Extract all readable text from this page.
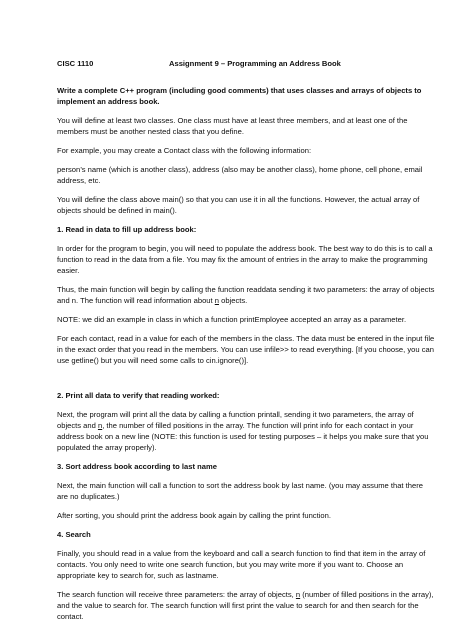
CISC 1110	Assignment 9 – Programming an Address Book

Write a complete C++ program (including good comments) that uses classes and arrays of objects to implement an address book.

You will define at least two classes. One class must have at least three members, and at least one of the members must be another nested class that you define.

For example, you may create a Contact class with the following information:

person’s name (which is another class), address (also may be another class), home phone, cell phone, email address, etc.

You will define the class above main() so that you can use it in all the functions. However, the actual array of objects should be defined in main().

1. Read in data to fill up address book:

In order for the program to begin, you will need to populate the address book. The best way to do this is to call a function to read in the data from a file. You may fix the amount of entries in the array to make the programming easier.

Thus, the main function will begin by calling the function readdata sending it two parameters: the array of objects and n. The function will read information about n objects.

NOTE: we did an example in class in which a function printEmployee accepted an array as a parameter.

For each contact, read in a value for each of the members in the class. The data must be entered in the input file in the exact order that you read in the members. You can use infile>> to read everything. [If you choose, you can use getline() but you will need some calls to cin.ignore()].

2. Print all data to verify that reading worked:

Next, the program will print all the data by calling a function printall, sending it two parameters, the array of objects and n, the number of filled positions in the array. The function will print info for each contact in your address book on a new line (NOTE: this function is used for testing purposes – it helps you make sure that you populated the array properly).

3. Sort address book according to last name

Next, the main function will call a function to sort the address book by last name. (you may assume that there are no duplicates.)

After sorting, you should print the address book again by calling the print function.

4. Search

Finally, you should read in a value from the keyboard and call a search function to find that item in the array of contacts. You only need to write one search function, but you may write more if you want to. Choose an appropriate key to search for, such as lastname.

The search function will receive three parameters: the array of objects, n (number of filled positions in the array), and the value to search for. The search function will first print the value to search for and then search for the contact.
